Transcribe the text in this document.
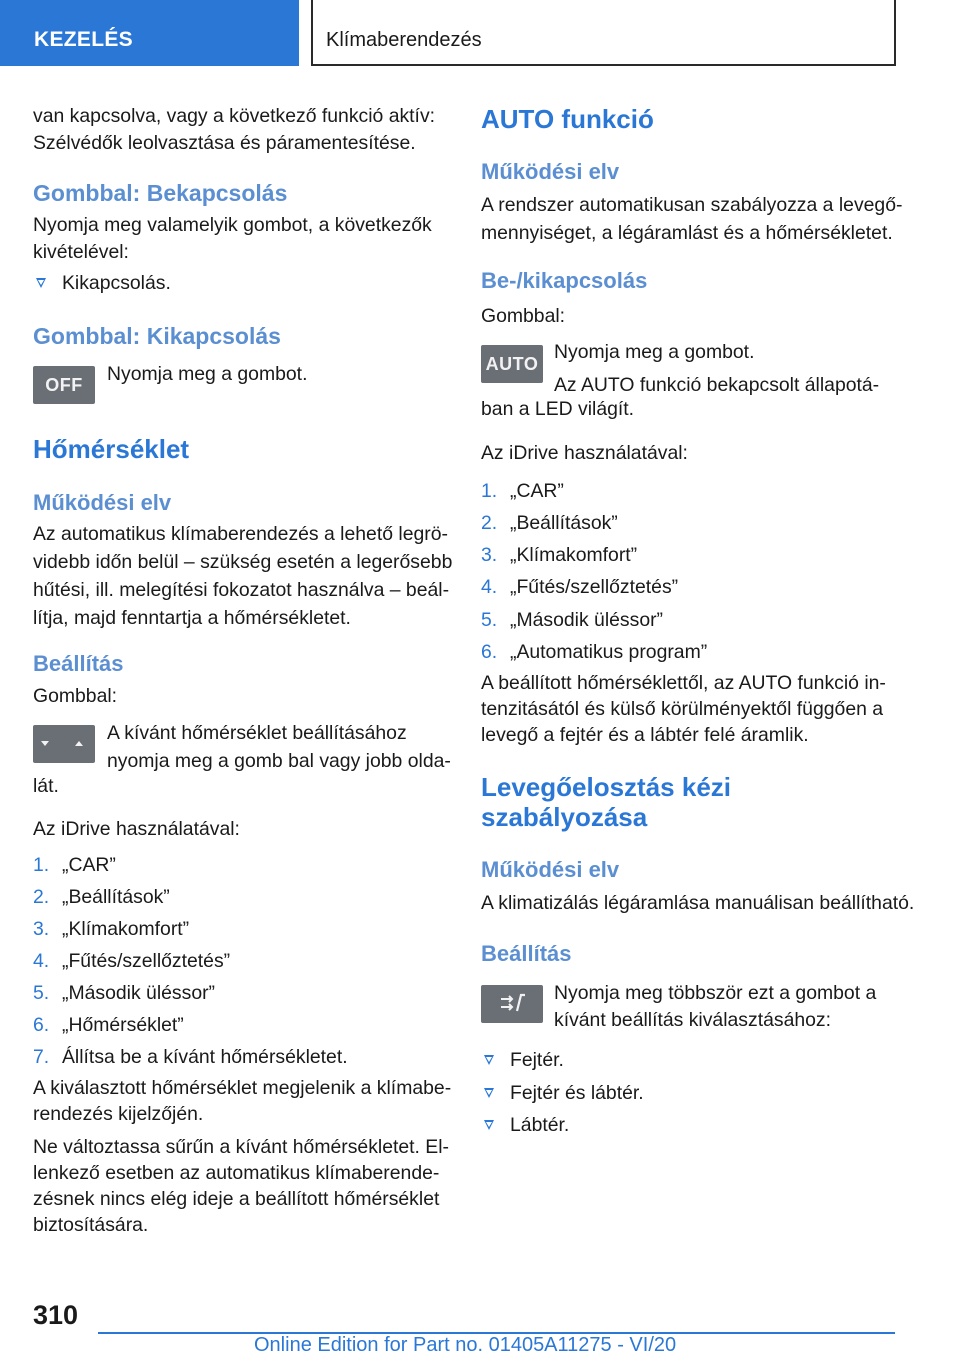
KEZELÉS	Klímaberendezés
van kapcsolva, vagy a következő funkció aktív:
Szélvédők leolvasztása és páramentesítése.
Gombbal: Bekapcsolás
Nyomja meg valamelyik gombot, a következők
kivételével:
Kikapcsolás.
Gombbal: Kikapcsolás
OFF Nyomja meg a gombot.
Hőmérséklet
Működési elv
Az automatikus klímaberendezés a lehető legrö-
videbb időn belül – szükség esetén a legerősebb
hűtési, ill. melegítési fokozatot használva – beál-
lítja, majd fenntartja a hőmérsékletet.
Beállítás
Gombbal:
A kívánt hőmérséklet beállításához
nyomja meg a gomb bal vagy jobb olda-
lát.
Az iDrive használatával:
1. „CAR”
2. „Beállítások”
3. „Klímakomfort”
4. „Fűtés/szellőztetés”
5. „Második üléssor”
6. „Hőmérséklet”
7. Állítsa be a kívánt hőmérsékletet.
A kiválasztott hőmérséklet megjelenik a klímabe-
rendezés kijelzőjén.
Ne változtassa sűrűn a kívánt hőmérsékletet. El-
lenkező esetben az automatikus klímaberende-
zésnek nincs elég ideje a beállított hőmérséklet
biztosítására.
AUTO funkció
Működési elv
A rendszer automatikusan szabályozza a levegő-
mennyiséget, a légáramlást és a hőmérsékletet.
Be-/kikapcsolás
Gombbal:
AUTO
Nyomja meg a gombot.
Az AUTO funkció bekapcsolt állapotá-
ban a LED világít.
Az iDrive használatával:
1. „CAR”
2. „Beállítások”
3. „Klímakomfort”
4. „Fűtés/szellőztetés”
5. „Második üléssor”
6. „Automatikus program”
A beállított hőmérséklettől, az AUTO funkció in-
tenzitásától és külső körülményektől függően a
levegő a fejtér és a lábtér felé áramlik.
Levegőelosztás kézi
szabályozása
Működési elv
A klimatizálás légáramlása manuálisan beállítható.
Beállítás
Nyomja meg többször ezt a gombot a
kívánt beállítás kiválasztásához:
Fejtér.
Fejtér és lábtér.
Lábtér.
310
Online Edition for Part no. 01405A11275 - VI/20
